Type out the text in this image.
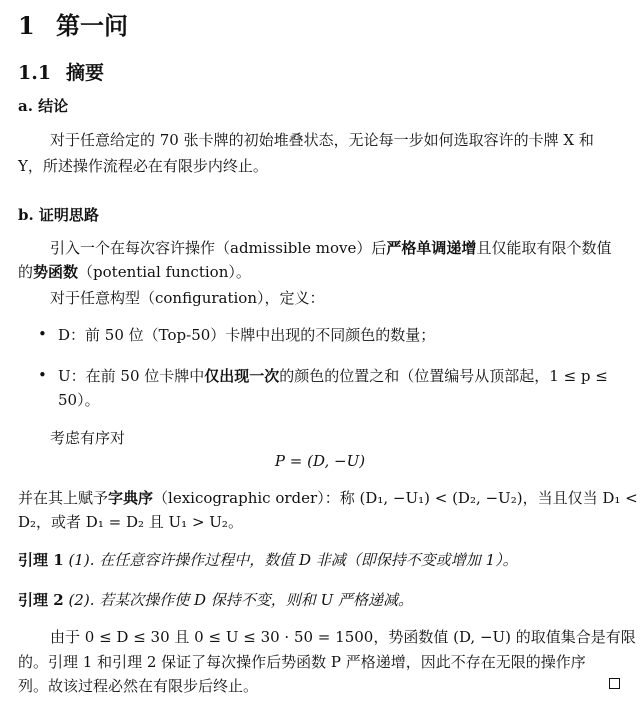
1 第一问
1.1 摘要
a. 结论
对于任意给定的 70 张卡牌的初始堆叠状态，无论每一步如何选取容许的卡牌 X 和
Y，所述操作流程必在有限步内终止。
b. 证明思路
引入一个在每次容许操作（admissible move）后严格单调递增且仅能取有限个数值
的势函数（potential function）。
对于任意构型（configuration），定义：
• D：前 50 位（Top-50）卡牌中出现的不同颜色的数量；
• U：在前 50 位卡牌中仅出现一次的颜色的位置之和（位置编号从顶部起，1 ≤ p ≤
50）。
考虑有序对
P = (D, −U)
并在其上赋予字典序（lexicographic order）：称 (D₁, −U₁) < (D₂, −U₂)，当且仅当 D₁ <
D₂，或者 D₁ = D₂ 且 U₁ > U₂。
引理 1 (1). 在任意容许操作过程中，数值 D 非减（即保持不变或增加 1）。
引理 2 (2). 若某次操作使 D 保持不变，则和 U 严格递减。
由于 0 ≤ D ≤ 30 且 0 ≤ U ≤ 30 · 50 = 1500，势函数值 (D, −U) 的取值集合是有限
的。引理 1 和引理 2 保证了每次操作后势函数 P 严格递增，因此不存在无限的操作序
列。故该过程必然在有限步后终止。
